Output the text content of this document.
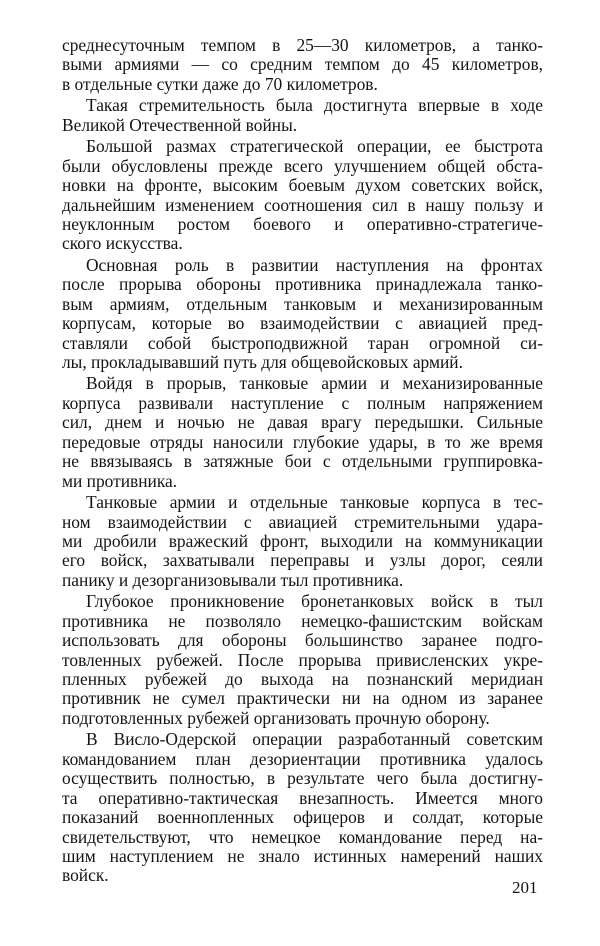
среднесуточным темпом в 25—30 километров, а танко-
выми армиями — со средним темпом до 45 километров,
в отдельные сутки даже до 70 километров.
Такая стремительность была достигнута впервые в ходе
Великой Отечественной войны.
Большой размах стратегической операции, ее быстрота
были обусловлены прежде всего улучшением общей обста-
новки на фронте, высоким боевым духом советских войск,
дальнейшим изменением соотношения сил в нашу пользу и
неуклонным ростом боевого и оперативно-стратегиче-
ского искусства.
Основная роль в развитии наступления на фронтах
после прорыва обороны противника принадлежала танко-
вым армиям, отдельным танковым и механизированным
корпусам, которые во взаимодействии с авиацией пред-
ставляли собой быстроподвижной таран огромной си-
лы, прокладывавший путь для общевойсковых армий.
Войдя в прорыв, танковые армии и механизированные
корпуса развивали наступление с полным напряжением
сил, днем и ночью не давая врагу передышки. Сильные
передовые отряды наносили глубокие удары, в то же время
не ввязываясь в затяжные бои с отдельными группировка-
ми противника.
Танковые армии и отдельные танковые корпуса в тес-
ном взаимодействии с авиацией стремительными удара-
ми дробили вражеский фронт, выходили на коммуникации
его войск, захватывали переправы и узлы дорог, сеяли
панику и дезорганизовывали тыл противника.
Глубокое проникновение бронетанковых войск в тыл
противника не позволяло немецко-фашистским войскам
использовать для обороны большинство заранее подго-
товленных рубежей. После прорыва привисленских укре-
пленных рубежей до выхода на познанский меридиан
противник не сумел практически ни на одном из заранее
подготовленных рубежей организовать прочную оборону.
В Висло-Одерской операции разработанный советским
командованием план дезориентации противника удалось
осуществить полностью, в результате чего была достигну-
та оперативно-тактическая внезапность. Имеется много
показаний военнопленных офицеров и солдат, которые
свидетельствуют, что немецкое командование перед на-
шим наступлением не знало истинных намерений наших
войск.
201
